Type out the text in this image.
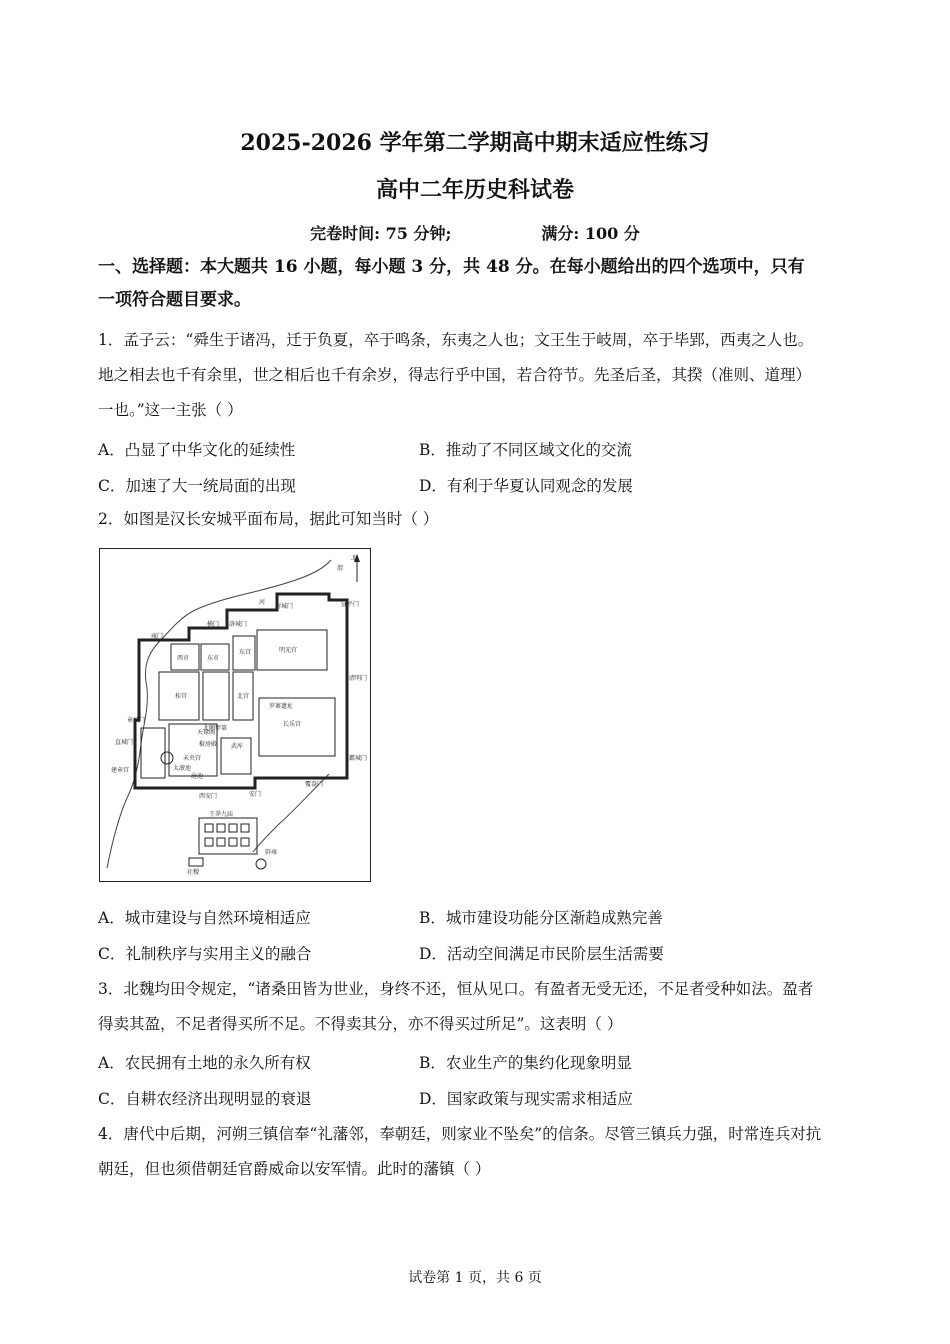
2025-2026 学年第二学期高中期末适应性练习
高中二年历史科试卷
完卷时间: 75 分钟;	满分: 100 分
一、选择题：本大题共 16 小题，每小题 3 分，共 48 分。在每小题给出的四个选项中，只有
一项符合题目要求。
1．孟子云：“舜生于诸冯，迁于负夏，卒于鸣条，东夷之人也；文王生于岐周，卒于毕郢，西夷之人也。
地之相去也千有余里，世之相后也千有余岁，得志行乎中国，若合符节。先圣后圣，其揆（准则、道理）
一也。”这一主张（ ）
A．凸显了中华文化的延续性	B．推动了不同区域文化的交流
C．加速了大一统局面的出现	D．有利于华夏认同观念的发展
2．如图是汉长安城平面布局，据此可知当时（ ）
北
渭
河
厨城门
横门 洛城门
宣平门
西市	东市
东宫	明光宫
雍门
桂宫	北宫
清明门
北阙甲第
罗寨遗址
章城门
直城门
武库
长乐宫
霸城门
建章宫
未央宫
天禄阁
椒房殿
西安门	安门
覆盎门
王莽九庙
辟雍
社稷
太液池
沧池
A．城市建设与自然环境相适应	B．城市建设功能分区渐趋成熟完善
C．礼制秩序与实用主义的融合	D．活动空间满足市民阶层生活需要
3．北魏均田令规定，“诸桑田皆为世业，身终不还，恒从见口。有盈者无受无还，不足者受种如法。盈者
得卖其盈，不足者得买所不足。不得卖其分，亦不得买过所足”。这表明（ ）
A．农民拥有土地的永久所有权	B．农业生产的集约化现象明显
C．自耕农经济出现明显的衰退	D．国家政策与现实需求相适应
4．唐代中后期，河朔三镇信奉“礼藩邻，奉朝廷，则家业不坠矣”的信条。尽管三镇兵力强，时常连兵对抗
朝廷，但也须借朝廷官爵威命以安军情。此时的藩镇（ ）
试卷第 1 页，共 6 页
